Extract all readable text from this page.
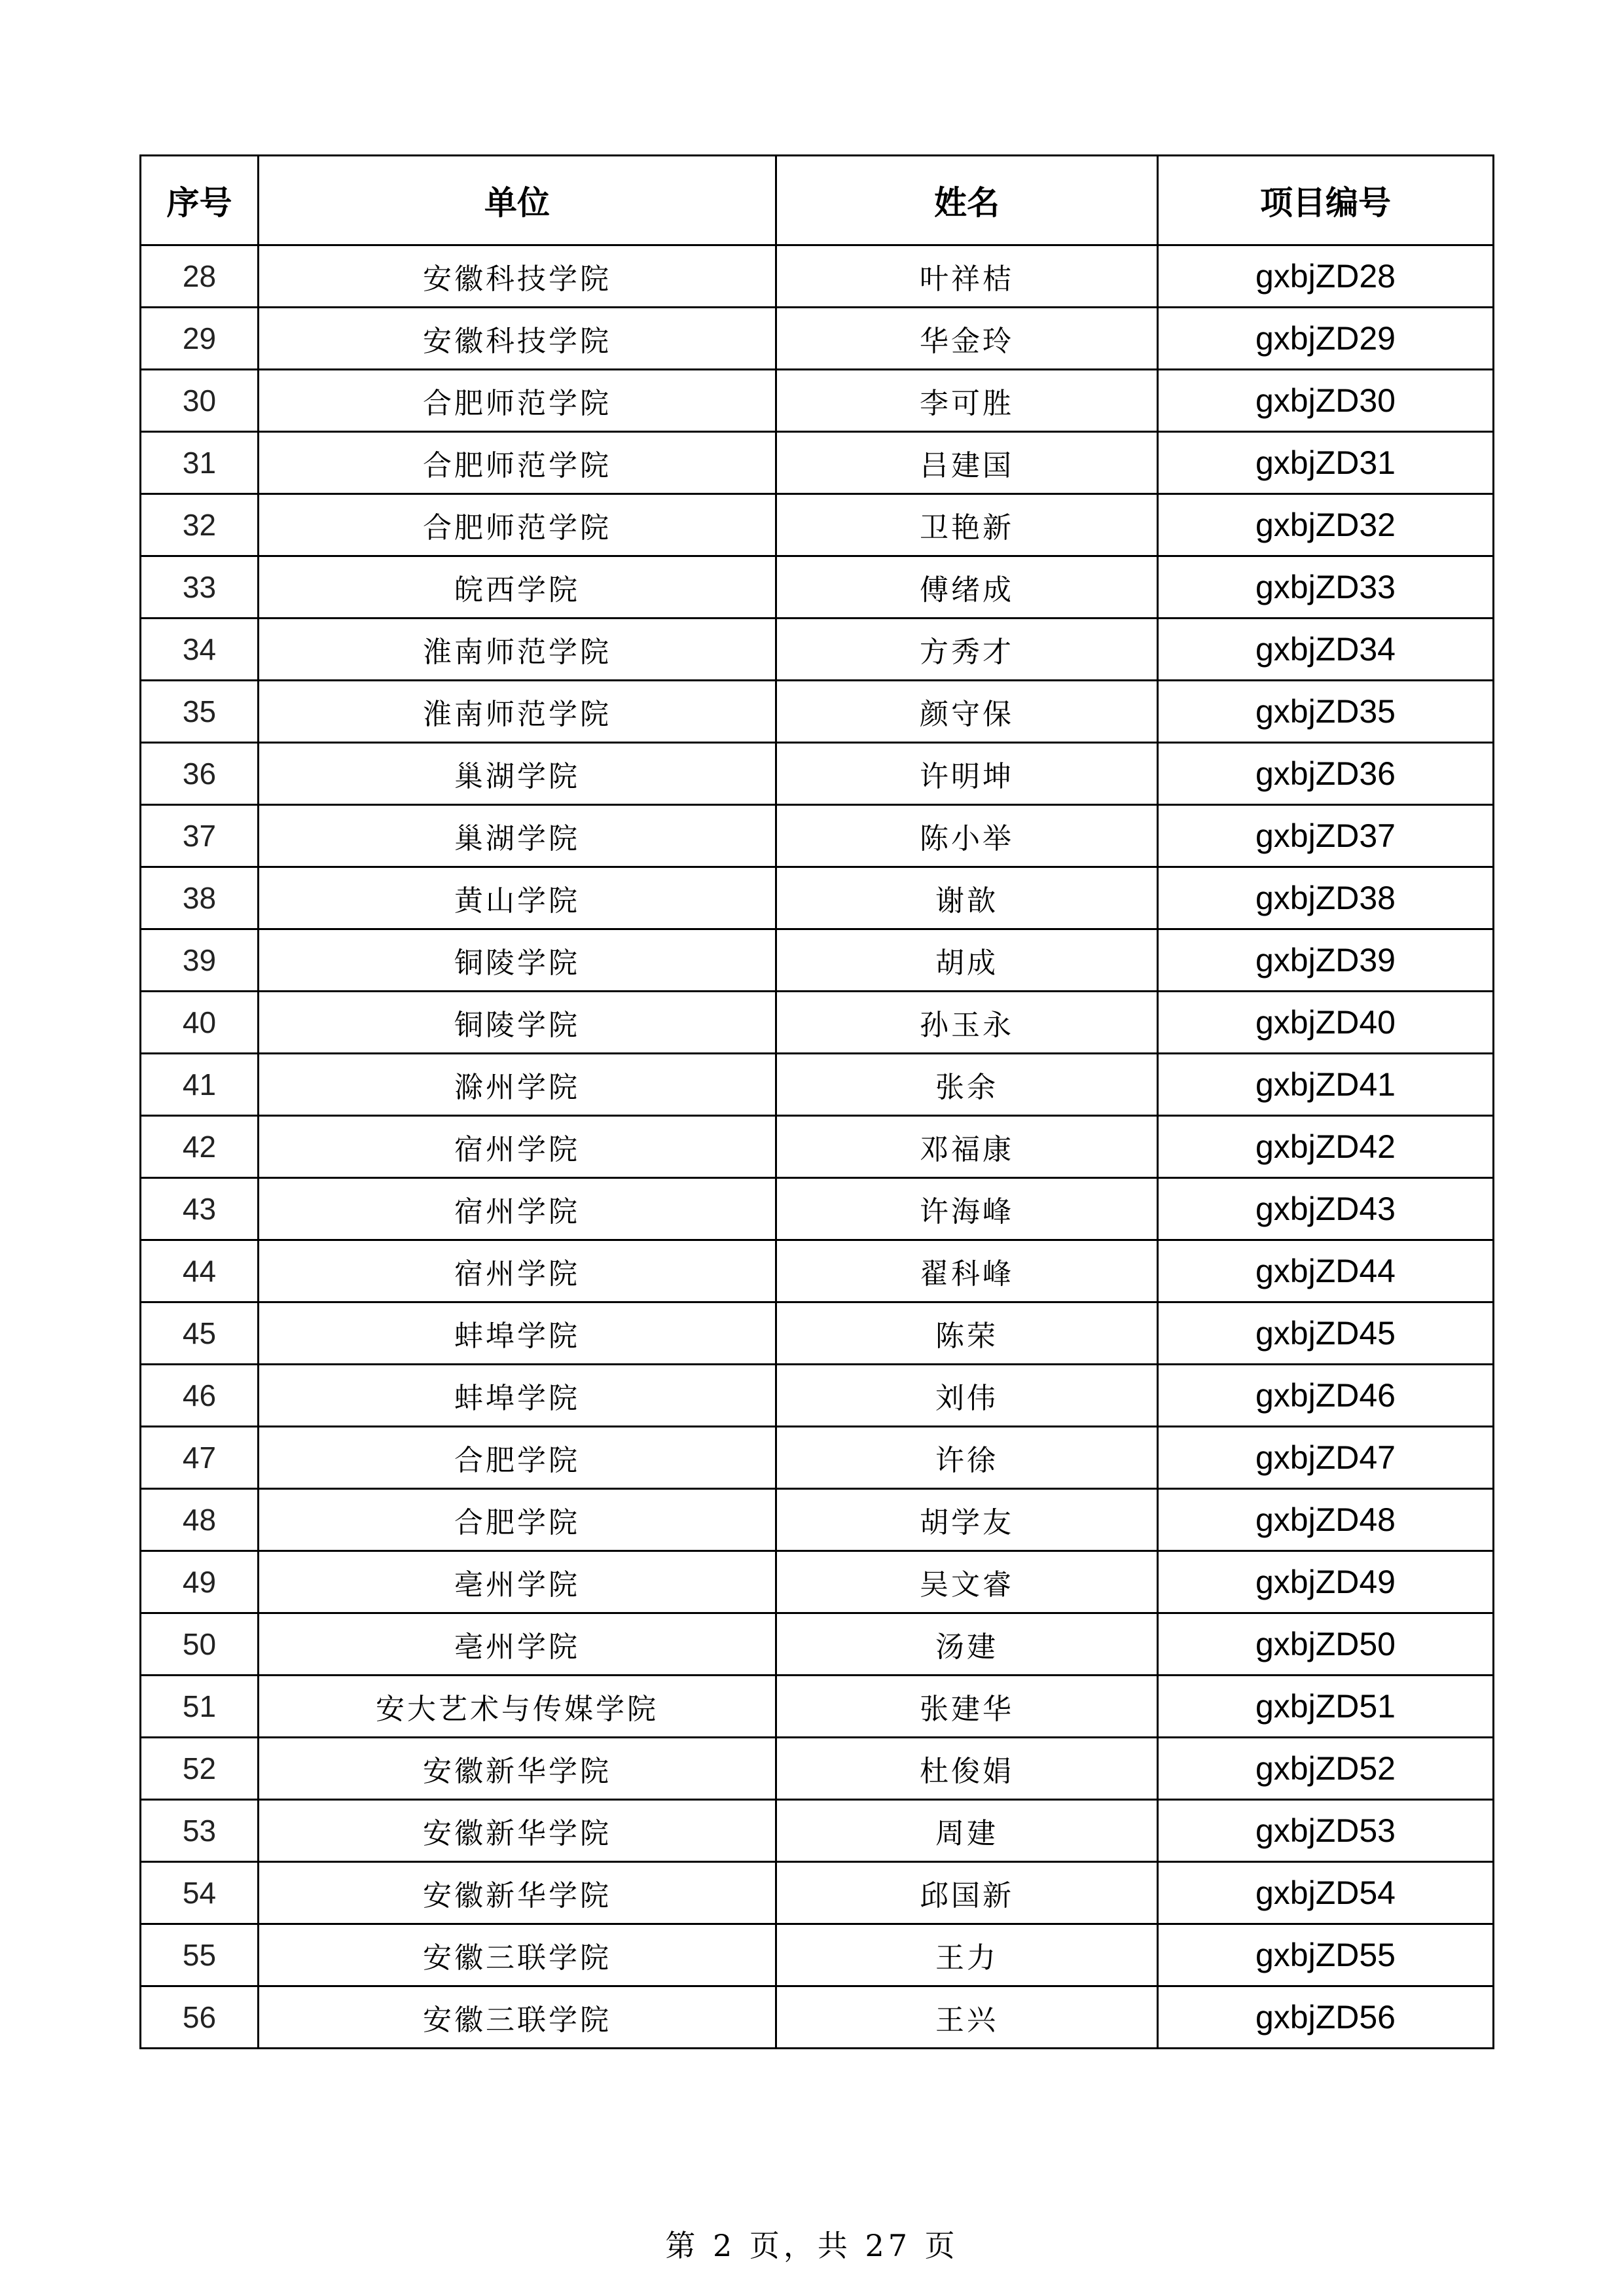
序号	单位	姓名	项目编号
28	安徽科技学院	叶祥桔	gxbjZD28
29	安徽科技学院	华金玲	gxbjZD29
30	合肥师范学院	李可胜	gxbjZD30
31	合肥师范学院	吕建国	gxbjZD31
32	合肥师范学院	卫艳新	gxbjZD32
33	皖西学院	傅绪成	gxbjZD33
34	淮南师范学院	方秀才	gxbjZD34
35	淮南师范学院	颜守保	gxbjZD35
36	巢湖学院	许明坤	gxbjZD36
37	巢湖学院	陈小举	gxbjZD37
38	黄山学院	谢歆	gxbjZD38
39	铜陵学院	胡成	gxbjZD39
40	铜陵学院	孙玉永	gxbjZD40
41	滁州学院	张余	gxbjZD41
42	宿州学院	邓福康	gxbjZD42
43	宿州学院	许海峰	gxbjZD43
44	宿州学院	翟科峰	gxbjZD44
45	蚌埠学院	陈荣	gxbjZD45
46	蚌埠学院	刘伟	gxbjZD46
47	合肥学院	许徐	gxbjZD47
48	合肥学院	胡学友	gxbjZD48
49	亳州学院	吴文睿	gxbjZD49
50	亳州学院	汤建	gxbjZD50
51	安大艺术与传媒学院	张建华	gxbjZD51
52	安徽新华学院	杜俊娟	gxbjZD52
53	安徽新华学院	周建	gxbjZD53
54	安徽新华学院	邱国新	gxbjZD54
55	安徽三联学院	王力	gxbjZD55
56	安徽三联学院	王兴	gxbjZD56
第 2 页，共 27 页
